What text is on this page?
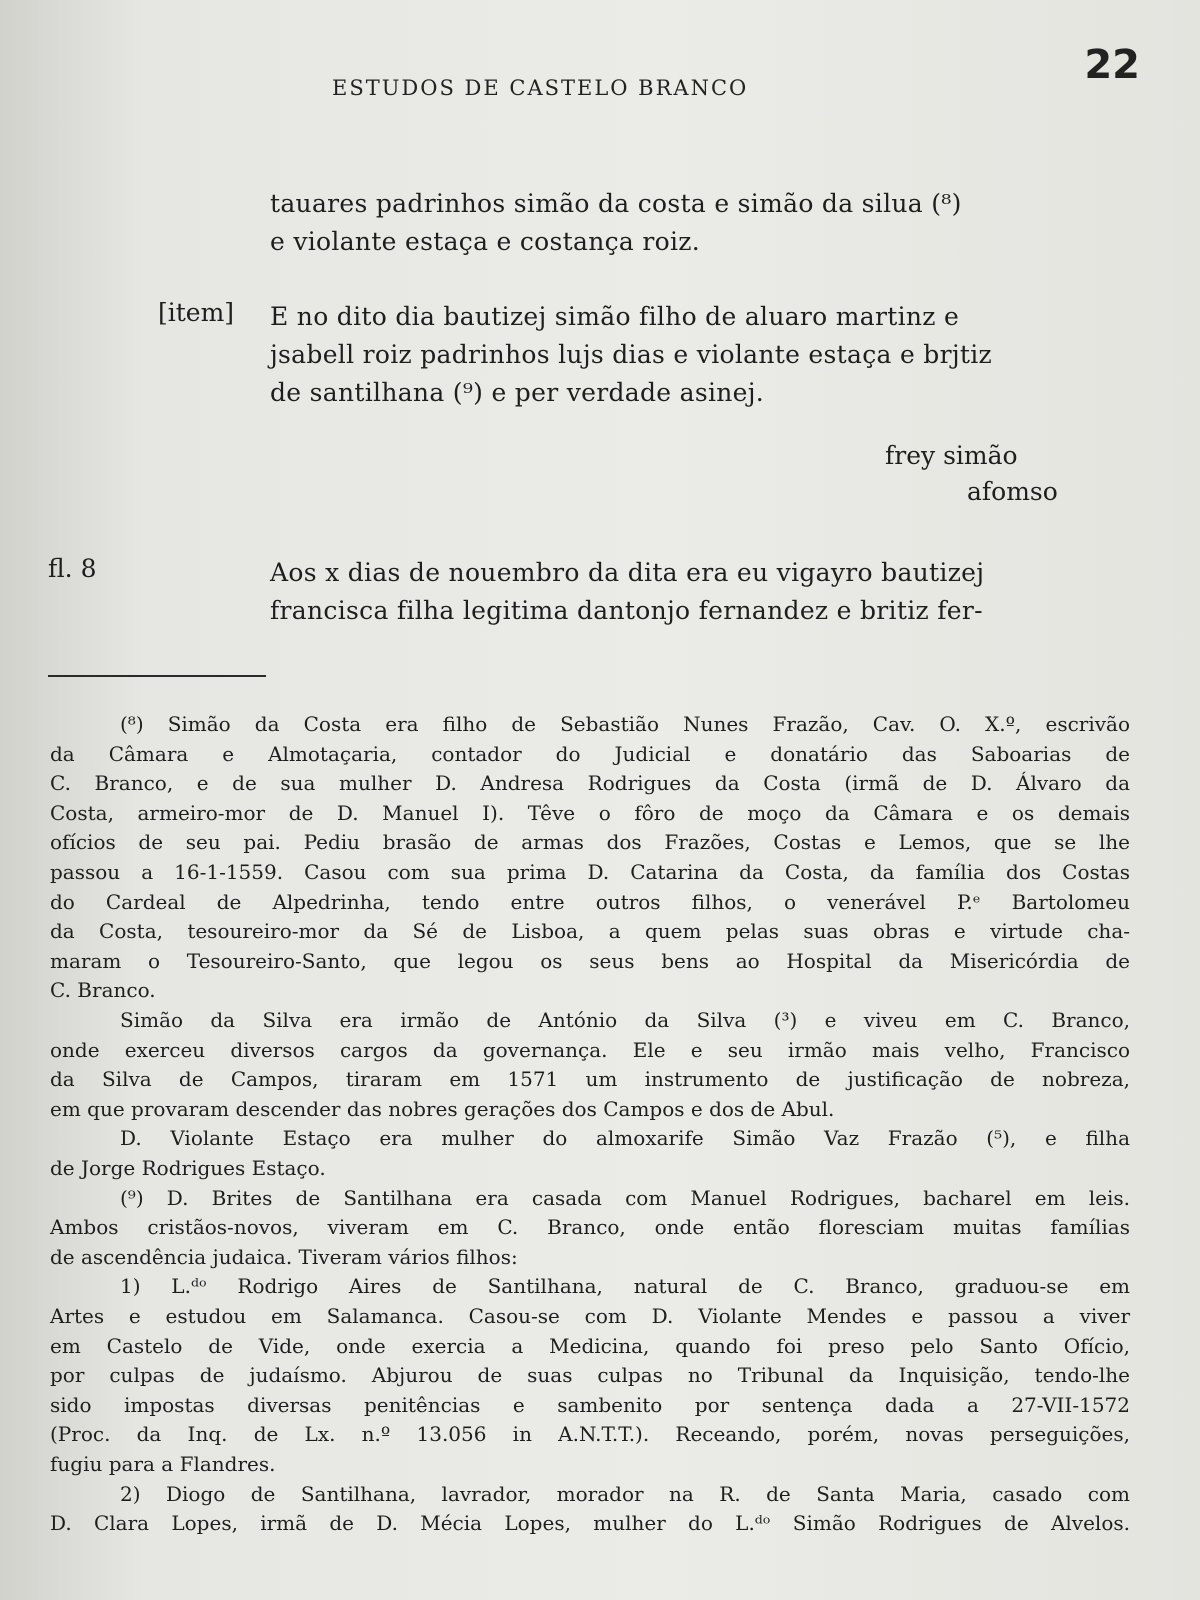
ESTUDOS DE CASTELO BRANCO	22
tauares padrinhos simão da costa e simão da silua (⁸)
e violante estaça e costança roiz.
[item] E no dito dia bautizej simão filho de aluaro martinz e
jsabell roiz padrinhos lujs dias e violante estaça e brjtiz
de santilhana (⁹) e per verdade asinej.
frey simão
afomso
fl. 8	Aos x dias de nouembro da dita era eu vigayro bautizej
francisca filha legitima dantonjo fernandez e britiz fer-
(⁸) Simão da Costa era filho de Sebastião Nunes Frazão, Cav. O. X.º, escrivão
da Câmara e Almotaçaria, contador do Judicial e donatário das Saboarias de
C. Branco, e de sua mulher D. Andresa Rodrigues da Costa (irmã de D. Álvaro da
Costa, armeiro-mor de D. Manuel I). Têve o fôro de moço da Câmara e os demais
ofícios de seu pai. Pediu brasão de armas dos Frazões, Costas e Lemos, que se lhe
passou a 16-1-1559. Casou com sua prima D. Catarina da Costa, da família dos Costas
do Cardeal de Alpedrinha, tendo entre outros filhos, o venerável P.ᵉ Bartolomeu
da Costa, tesoureiro-mor da Sé de Lisboa, a quem pelas suas obras e virtude cha-
maram o Tesoureiro-Santo, que legou os seus bens ao Hospital da Misericórdia de
C. Branco.
Simão da Silva era irmão de António da Silva (³) e viveu em C. Branco,
onde exerceu diversos cargos da governança. Ele e seu irmão mais velho, Francisco
da Silva de Campos, tiraram em 1571 um instrumento de justificação de nobreza,
em que provaram descender das nobres gerações dos Campos e dos de Abul.
D. Violante Estaço era mulher do almoxarife Simão Vaz Frazão (⁵), e filha
de Jorge Rodrigues Estaço.
(⁹) D. Brites de Santilhana era casada com Manuel Rodrigues, bacharel em leis.
Ambos cristãos-novos, viveram em C. Branco, onde então floresciam muitas famílias
de ascendência judaica. Tiveram vários filhos:
1) L.ᵈᵒ Rodrigo Aires de Santilhana, natural de C. Branco, graduou-se em
Artes e estudou em Salamanca. Casou-se com D. Violante Mendes e passou a viver
em Castelo de Vide, onde exercia a Medicina, quando foi preso pelo Santo Ofício,
por culpas de judaísmo. Abjurou de suas culpas no Tribunal da Inquisição, tendo-lhe
sido impostas diversas penitências e sambenito por sentença dada a 27-VII-1572
(Proc. da Inq. de Lx. n.º 13.056 in A.N.T.T.). Receando, porém, novas perseguições,
fugiu para a Flandres.
2) Diogo de Santilhana, lavrador, morador na R. de Santa Maria, casado com
D. Clara Lopes, irmã de D. Mécia Lopes, mulher do L.ᵈᵒ Simão Rodrigues de Alvelos.
